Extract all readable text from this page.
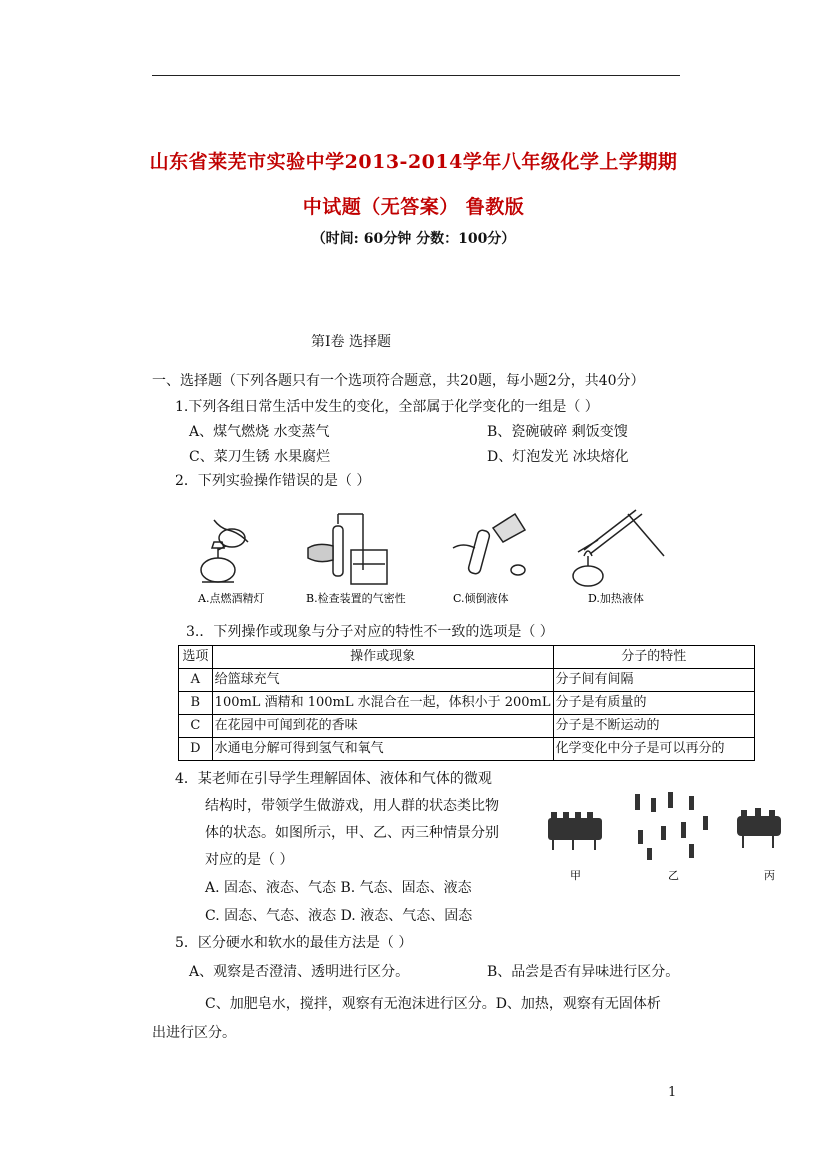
山东省莱芜市实验中学2013-2014学年八年级化学上学期期
中试题（无答案） 鲁教版
（时间: 60分钟 分数：100分）
第Ⅰ卷 选择题
一、选择题（下列各题只有一个选项符合题意，共20题，每小题2分，共40分）
1.下列各组日常生活中发生的变化，全部属于化学变化的一组是（ ）
A、煤气燃烧 水变蒸气	B、瓷碗破碎 剩饭变馊
C、菜刀生锈 水果腐烂	D、灯泡发光 冰块熔化
2．下列实验操作错误的是（ ）
A.点燃酒精灯	B.检查装置的气密性	C.倾倒液体	D.加热液体
3.．下列操作或现象与分子对应的特性不一致的选项是（ ）
选项	操作或现象	分子的特性
A	给篮球充气	分子间有间隔
B	100mL 酒精和 100mL 水混合在一起，体积小于 200mL	分子是有质量的
C	在花园中可闻到花的香味	分子是不断运动的
D	水通电分解可得到氢气和氧气	化学变化中分子是可以再分的
4．某老师在引导学生理解固体、液体和气体的微观
结构时，带领学生做游戏，用人群的状态类比物
体的状态。如图所示，甲、乙、丙三种情景分别
对应的是（ ）
A. 固态、液态、气态 B. 气态、固态、液态
C. 固态、气态、液态 D. 液态、气态、固态
甲	乙	丙
5．区分硬水和软水的最佳方法是（ ）
A、观察是否澄清、透明进行区分。	B、品尝是否有异味进行区分。
C、加肥皂水，搅拌，观察有无泡沫进行区分。D、加热，观察有无固体析
出进行区分。
1
